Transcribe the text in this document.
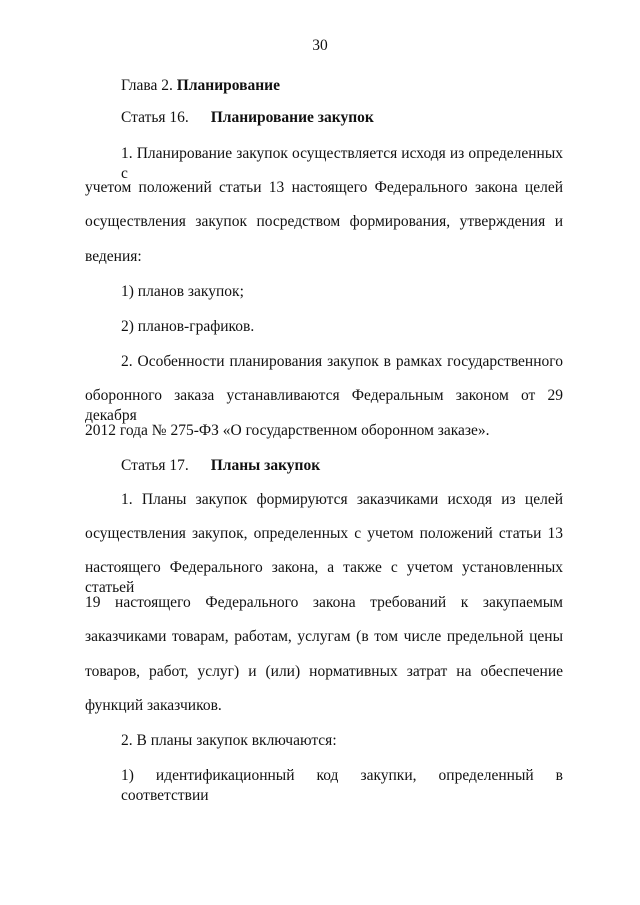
30
Глава 2. Планирование
Статья 16. Планирование закупок
1. Планирование закупок осуществляется исходя из определенных с
учетом положений статьи 13 настоящего Федерального закона целей
осуществления закупок посредством формирования, утверждения и
ведения:
1) планов закупок;
2) планов-графиков.
2. Особенности планирования закупок в рамках государственного
оборонного заказа устанавливаются Федеральным законом от 29 декабря
2012 года № 275-ФЗ «О государственном оборонном заказе».
Статья 17. Планы закупок
1. Планы закупок формируются заказчиками исходя из целей
осуществления закупок, определенных с учетом положений статьи 13
настоящего Федерального закона, а также с учетом установленных статьей
19 настоящего Федерального закона требований к закупаемым
заказчиками товарам, работам, услугам (в том числе предельной цены
товаров, работ, услуг) и (или) нормативных затрат на обеспечение
функций заказчиков.
2. В планы закупок включаются:
1) идентификационный код закупки, определенный в соответствии
